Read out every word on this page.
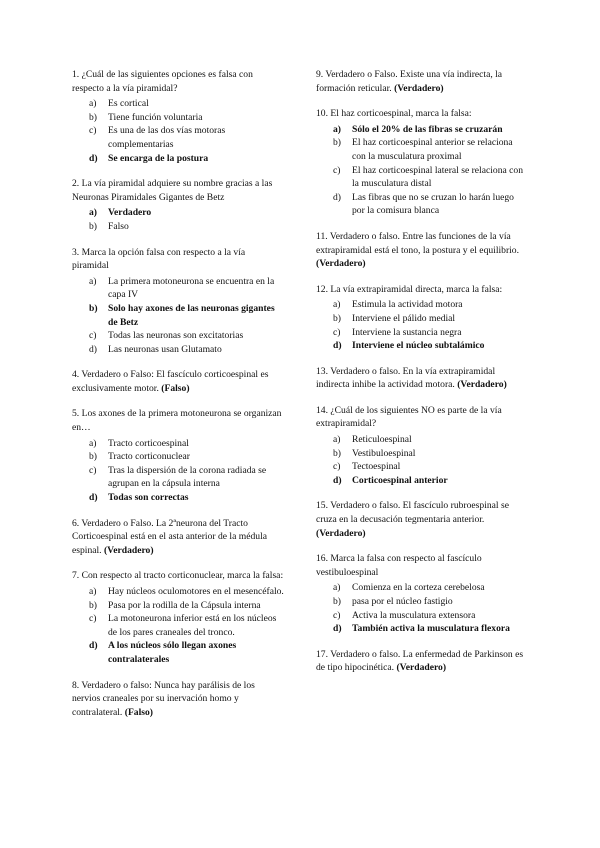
1. ¿Cuál de las siguientes opciones es falsa con respecto a la vía piramidal?

a)	Es cortical
b)	Tiene función voluntaria
c)	Es una de las dos vías motoras complementarias
d)	Se encarga de la postura

2. La vía piramidal adquiere su nombre gracias a las Neuronas Piramidales Gigantes de Betz

a)	Verdadero
b)	Falso

3. Marca la opción falsa con respecto a la vía piramidal

a)	La primera motoneurona se encuentra en la capa IV
b)	Solo hay axones de las neuronas gigantes de Betz
c)	Todas las neuronas son excitatorias
d)	Las neuronas usan Glutamato

4. Verdadero o Falso: El fascículo corticoespinal es exclusivamente motor. (Falso)

5. Los axones de la primera motoneurona se organizan en…

a)	Tracto corticoespinal
b)	Tracto corticonuclear
c)	Tras la dispersión de la corona radiada se agrupan en la cápsula interna
d)	Todas son correctas

6. Verdadero o Falso. La 2ªneurona del Tracto Corticoespinal está en el asta anterior de la médula espinal. (Verdadero)

7. Con respecto al tracto corticonuclear, marca la falsa:

a)	Hay núcleos oculomotores en el mesencéfalo.
b)	Pasa por la rodilla de la Cápsula interna
c)	La motoneurona inferior está en los núcleos de los pares craneales del tronco.
d)	A los núcleos sólo llegan axones contralaterales

8. Verdadero o falso: Nunca hay parálisis de los nervios craneales por su inervación homo y contralateral. (Falso)

9. Verdadero o Falso. Existe una vía indirecta, la formación reticular. (Verdadero)

10. El haz corticoespinal, marca la falsa:

a)	Sólo el 20% de las fibras se cruzarán
b)	El haz corticoespinal anterior se relaciona con la musculatura proximal
c)	El haz corticoespinal lateral se relaciona con la musculatura distal
d)	Las fibras que no se cruzan lo harán luego por la comisura blanca

11. Verdadero o falso. Entre las funciones de la vía extrapiramidal está el tono, la postura y el equilibrio. (Verdadero)

12. La vía extrapiramidal directa, marca la falsa:

a)	Estimula la actividad motora
b)	Interviene el pálido medial
c)	Interviene la sustancia negra
d)	Interviene el núcleo subtalámico

13. Verdadero o falso. En la vía extrapiramidal indirecta inhibe la actividad motora. (Verdadero)

14. ¿Cuál de los siguientes NO es parte de la vía extrapiramidal?

a)	Reticuloespinal
b)	Vestibuloespinal
c)	Tectoespinal
d)	Corticoespinal anterior

15. Verdadero o falso. El fascículo rubroespinal se cruza en la decusación tegmentaria anterior. (Verdadero)

16. Marca la falsa con respecto al fascículo vestibuloespinal

a)	Comienza en la corteza cerebelosa
b)	pasa por el núcleo fastigio
c)	Activa la musculatura extensora
d)	También activa la musculatura flexora

17. Verdadero o falso. La enfermedad de Parkinson es de tipo hipocinética. (Verdadero)
